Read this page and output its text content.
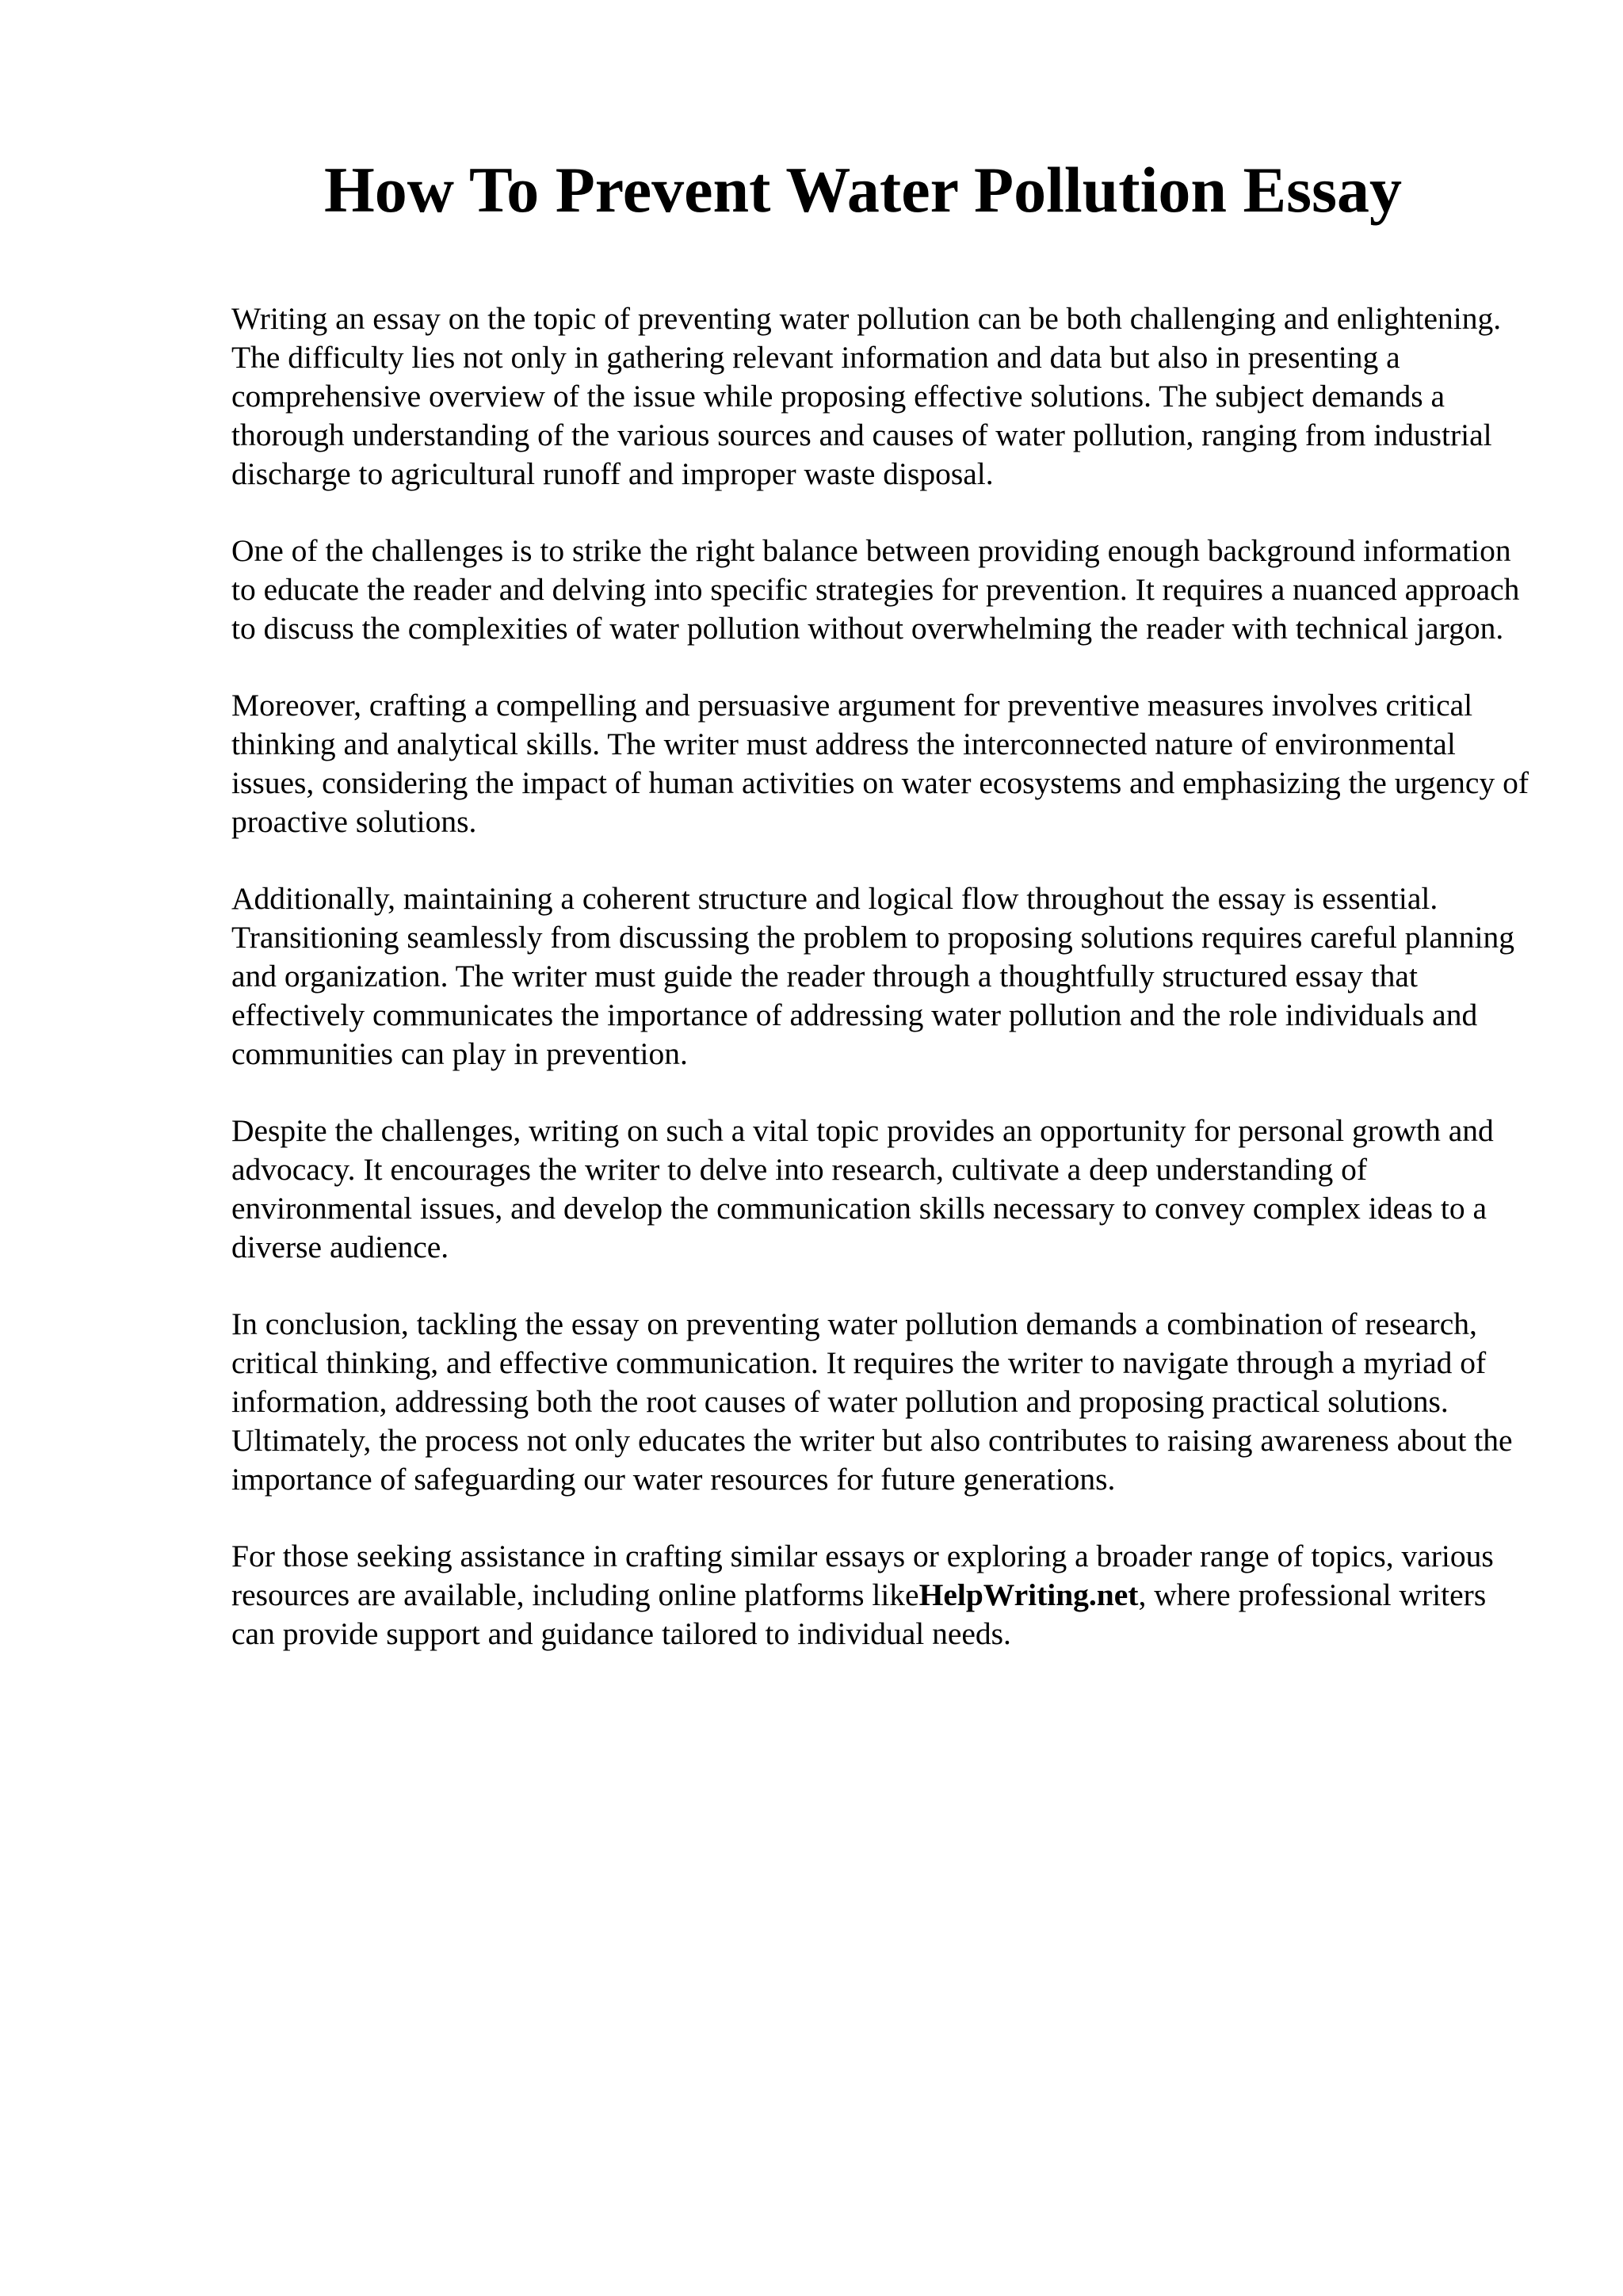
How To Prevent Water Pollution Essay

Writing an essay on the topic of preventing water pollution can be both challenging and enlightening. The difficulty lies not only in gathering relevant information and data but also in presenting a comprehensive overview of the issue while proposing effective solutions. The subject demands a thorough understanding of the various sources and causes of water pollution, ranging from industrial discharge to agricultural runoff and improper waste disposal.

One of the challenges is to strike the right balance between providing enough background information to educate the reader and delving into specific strategies for prevention. It requires a nuanced approach to discuss the complexities of water pollution without overwhelming the reader with technical jargon.

Moreover, crafting a compelling and persuasive argument for preventive measures involves critical thinking and analytical skills. The writer must address the interconnected nature of environmental issues, considering the impact of human activities on water ecosystems and emphasizing the urgency of proactive solutions.

Additionally, maintaining a coherent structure and logical flow throughout the essay is essential. Transitioning seamlessly from discussing the problem to proposing solutions requires careful planning and organization. The writer must guide the reader through a thoughtfully structured essay that effectively communicates the importance of addressing water pollution and the role individuals and communities can play in prevention.

Despite the challenges, writing on such a vital topic provides an opportunity for personal growth and advocacy. It encourages the writer to delve into research, cultivate a deep understanding of environmental issues, and develop the communication skills necessary to convey complex ideas to a diverse audience.

In conclusion, tackling the essay on preventing water pollution demands a combination of research, critical thinking, and effective communication. It requires the writer to navigate through a myriad of information, addressing both the root causes of water pollution and proposing practical solutions. Ultimately, the process not only educates the writer but also contributes to raising awareness about the importance of safeguarding our water resources for future generations.

For those seeking assistance in crafting similar essays or exploring a broader range of topics, various resources are available, including online platforms likeHelpWriting.net, where professional writers can provide support and guidance tailored to individual needs.
